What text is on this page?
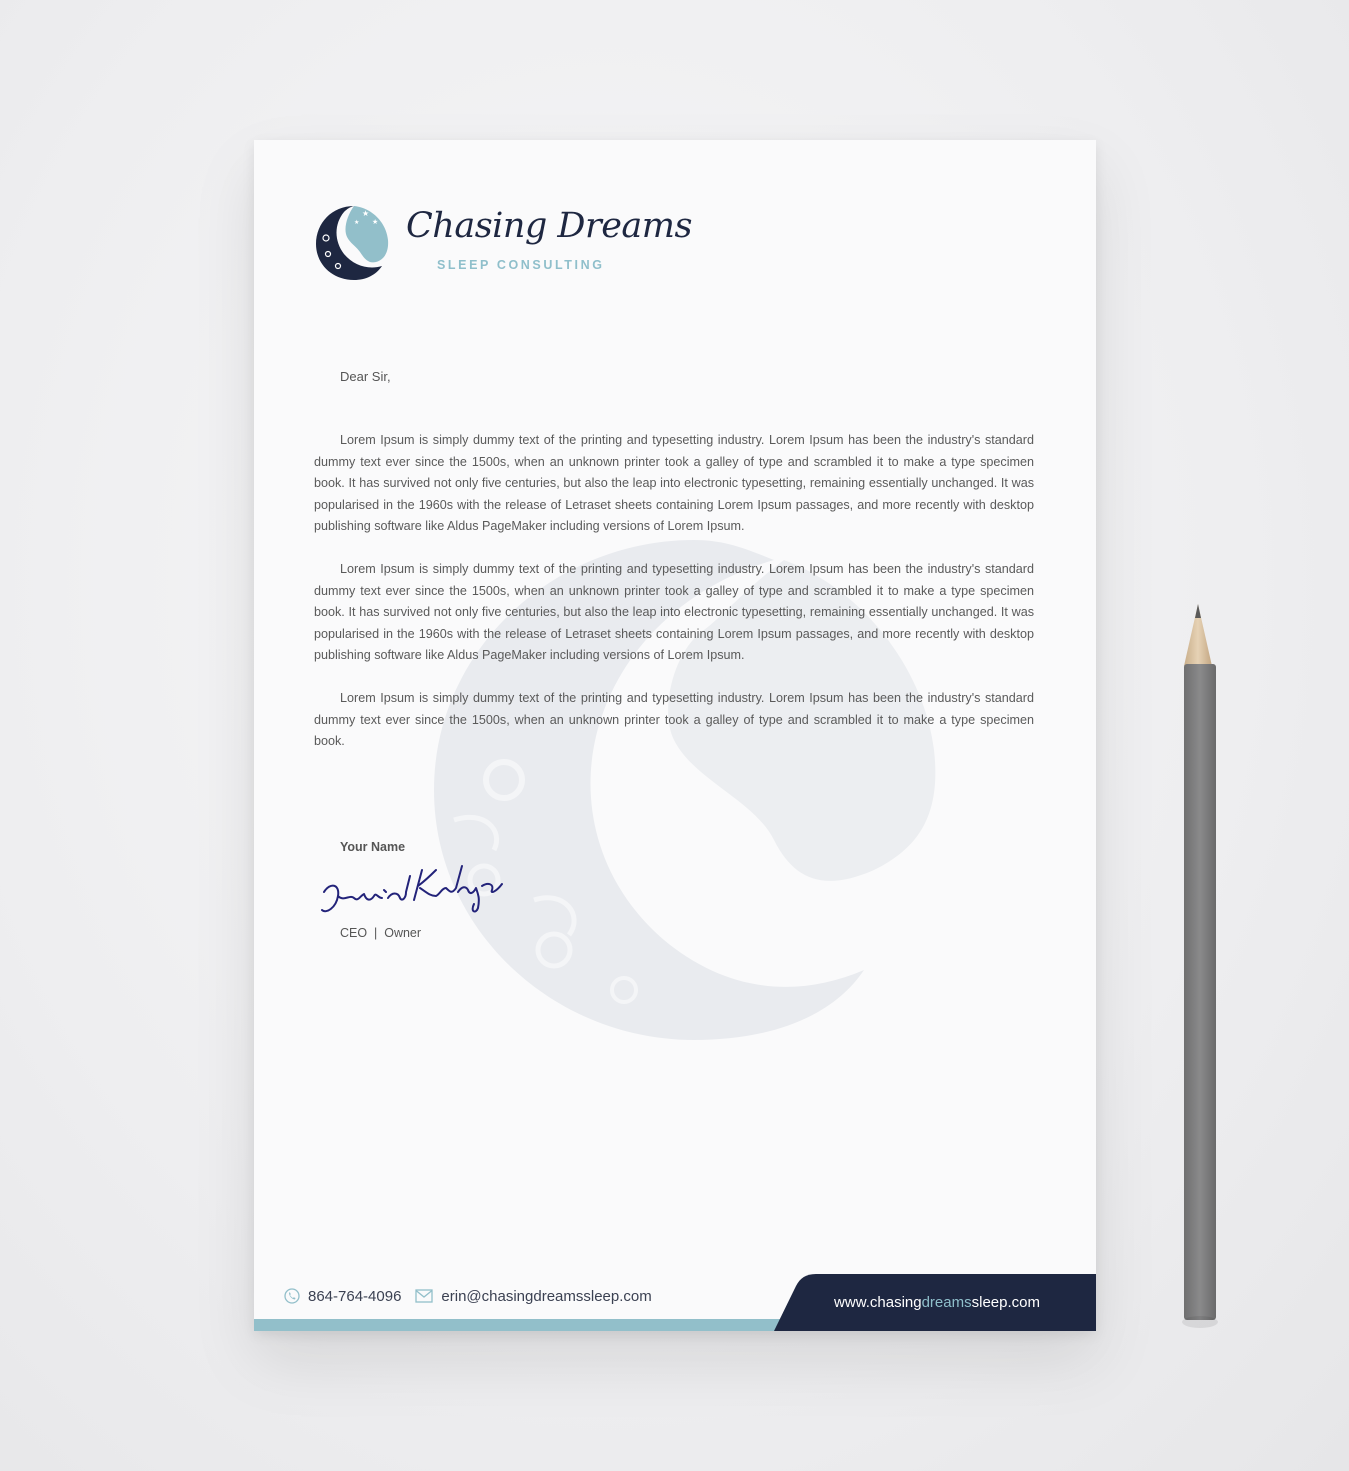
★
★
★ Chasing Dreams
SLEEP CONSULTING
Dear Sir,

Lorem Ipsum is simply dummy text of the printing and typesetting industry. Lorem Ipsum has been the industry's standard dummy text ever since the 1500s, when an unknown printer took a galley of type and scrambled it to make a type specimen book. It has survived not only five centuries, but also the leap into electronic typesetting, remaining essentially unchanged. It was popularised in the 1960s with the release of Letraset sheets containing Lorem Ipsum passages, and more recently with desktop publishing software like Aldus PageMaker including versions of Lorem Ipsum.

Lorem Ipsum is simply dummy text of the printing and typesetting industry. Lorem Ipsum has been the industry's standard dummy text ever since the 1500s, when an unknown printer took a galley of type and scrambled it to make a type specimen book. It has survived not only five centuries, but also the leap into electronic typesetting, remaining essentially unchanged. It was popularised in the 1960s with the release of Letraset sheets containing Lorem Ipsum passages, and more recently with desktop publishing software like Aldus PageMaker including versions of Lorem Ipsum.

Lorem Ipsum is simply dummy text of the printing and typesetting industry. Lorem Ipsum has been the industry's standard dummy text ever since the 1500s, when an unknown printer took a galley of type and scrambled it to make a type specimen book.

Your Name
CEO  |  Owner
864-764-4096	erin@chasingdreamssleep.com	www.chasingdreamssleep.com
